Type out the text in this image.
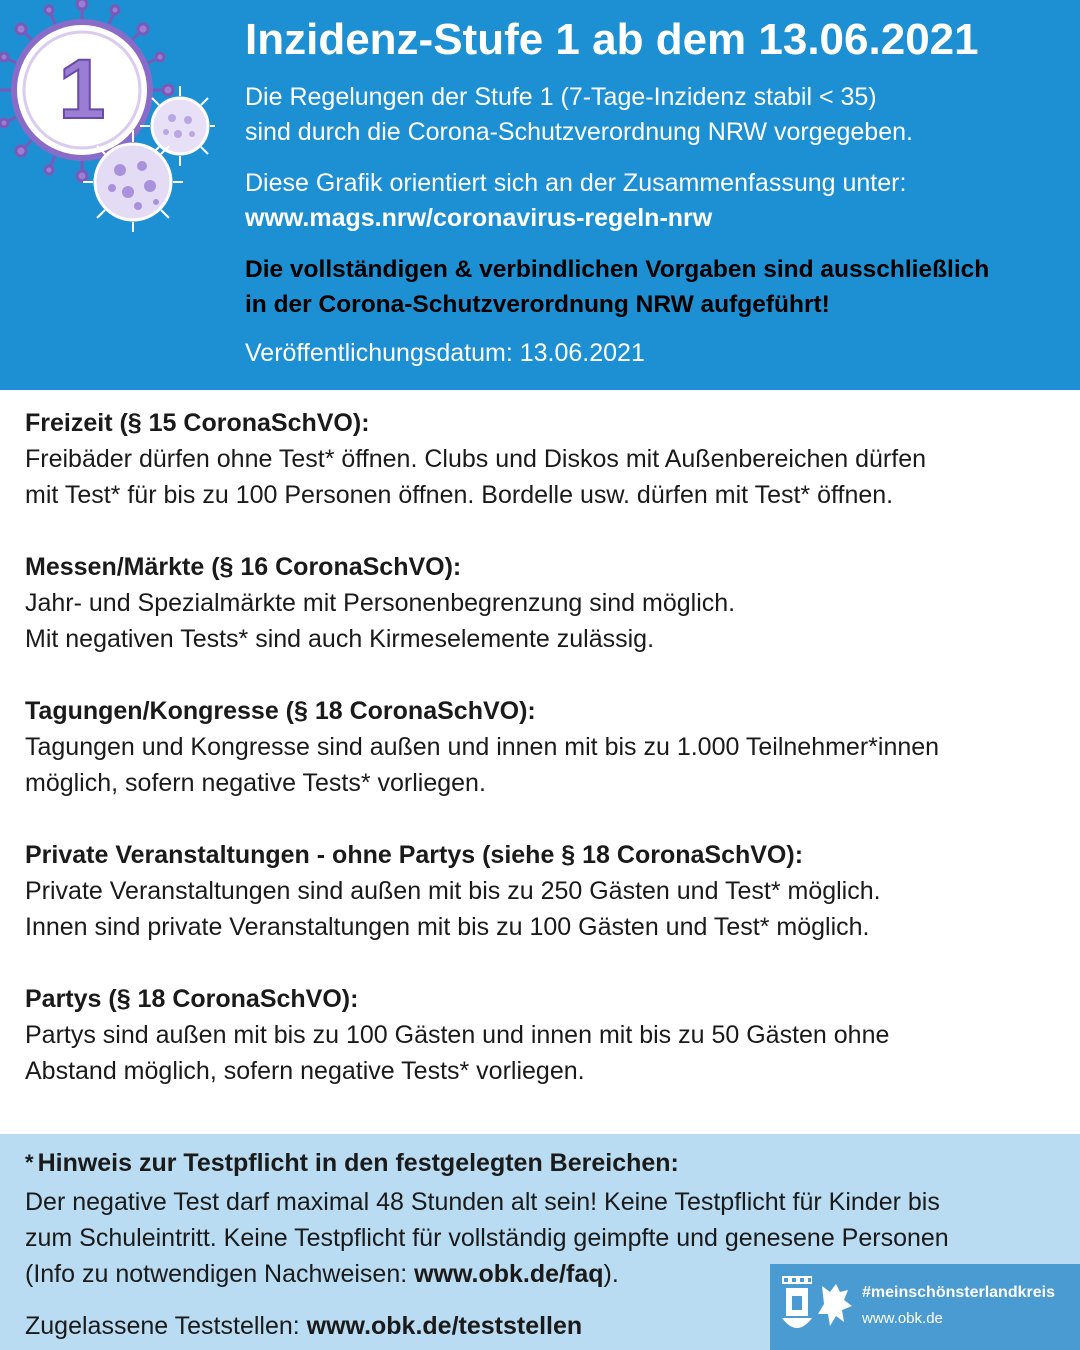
1
Inzidenz-Stufe 1 ab dem 13.06.2021
Die Regelungen der Stufe 1 (7-Tage-Inzidenz stabil < 35)
sind durch die Corona-Schutzverordnung NRW vorgegeben.
Diese Grafik orientiert sich an der Zusammenfassung unter:
www.mags.nrw/coronavirus-regeln-nrw
Die vollständigen & verbindlichen Vorgaben sind ausschließlich
in der Corona-Schutzverordnung NRW aufgeführt!
Veröffentlichungsdatum: 13.06.2021
Freizeit (§ 15 CoronaSchVO):
Freibäder dürfen ohne Test* öffnen. Clubs und Diskos mit Außenbereichen dürfen
mit Test* für bis zu 100 Personen öffnen. Bordelle usw. dürfen mit Test* öffnen.
Messen/Märkte (§ 16 CoronaSchVO):
Jahr- und Spezialmärkte mit Personenbegrenzung sind möglich.
Mit negativen Tests* sind auch Kirmeselemente zulässig.
Tagungen/Kongresse (§ 18 CoronaSchVO):
Tagungen und Kongresse sind außen und innen mit bis zu 1.000 Teilnehmer*innen
möglich, sofern negative Tests* vorliegen.
Private Veranstaltungen - ohne Partys (siehe § 18 CoronaSchVO):
Private Veranstaltungen sind außen mit bis zu 250 Gästen und Test* möglich.
Innen sind private Veranstaltungen mit bis zu 100 Gästen und Test* möglich.
Partys (§ 18 CoronaSchVO):
Partys sind außen mit bis zu 100 Gästen und innen mit bis zu 50 Gästen ohne
Abstand möglich, sofern negative Tests* vorliegen.
* Hinweis zur Testpflicht in den festgelegten Bereichen:
Der negative Test darf maximal 48 Stunden alt sein! Keine Testpflicht für Kinder bis
zum Schuleintritt. Keine Testpflicht für vollständig geimpfte und genesene Personen
(Info zu notwendigen Nachweisen: www.obk.de/faq).
Zugelassene Teststellen: www.obk.de/teststellen
#meinschönsterlandkreis
www.obk.de
